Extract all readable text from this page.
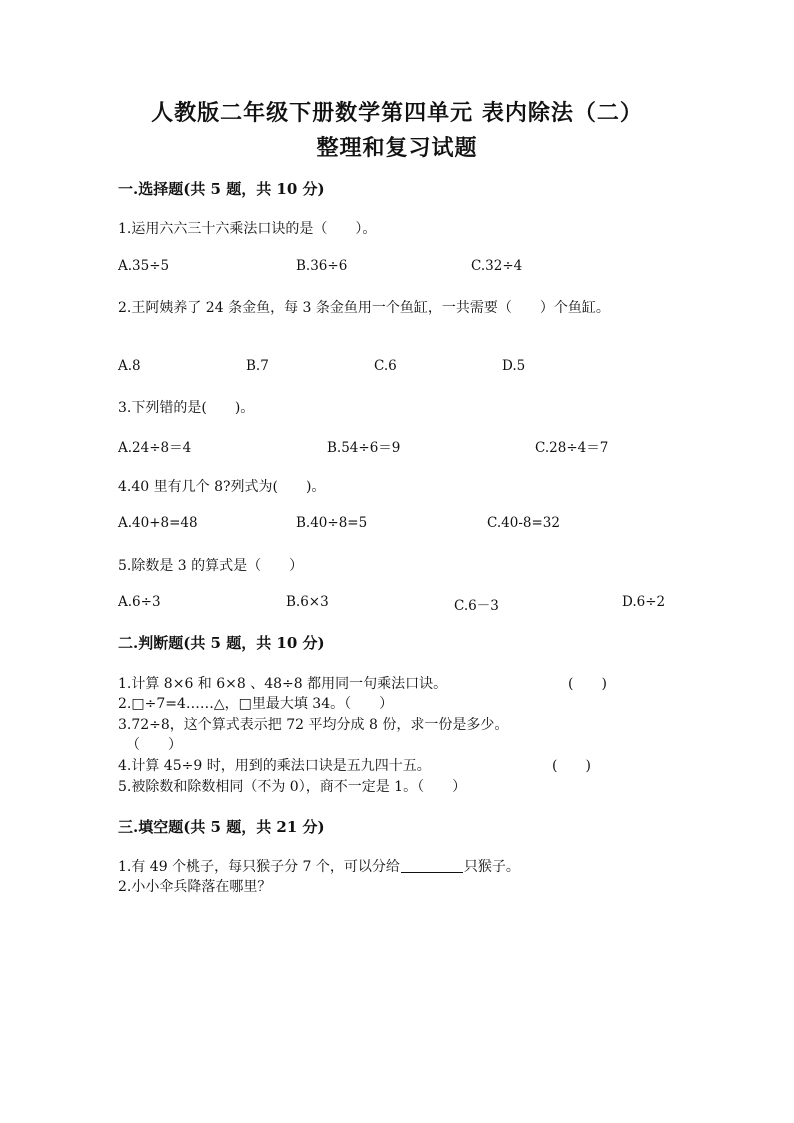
人教版二年级下册数学第四单元 表内除法（二）
整理和复习试题
一.选择题(共 5 题，共 10 分)
1.运用六六三十六乘法口诀的是（　　）。
A.35÷5	B.36÷6	C.32÷4
2.王阿姨养了 24 条金鱼，每 3 条金鱼用一个鱼缸，一共需要（　　）个鱼缸。
A.8	B.7	C.6	D.5
3.下列错的是(　　)。
A.24÷8＝4	B.54÷6＝9	C.28÷4＝7
4.40 里有几个 8?列式为(　　)。
A.40+8=48	B.40÷8=5	C.40-8=32
5.除数是 3 的算式是（　　）
A.6÷3	B.6×3	C.6－3	D.6÷2
二.判断题(共 5 题，共 10 分)
1.计算 8×6 和 6×8 、48÷8 都用同一句乘法口诀。	(　　)
2.□÷7=4……△，□里最大填 34。（　　）
3.72÷8，这个算式表示把 72 平均分成 8 份，求一份是多少。
（　　）
4.计算 45÷9 时，用到的乘法口诀是五九四十五。	(　　)
5.被除数和除数相同（不为 0），商不一定是 1。（　　）
三.填空题(共 5 题，共 21 分)
1.有 49 个桃子，每只猴子分 7 个，可以分给	只猴子。
2.小小伞兵降落在哪里？
